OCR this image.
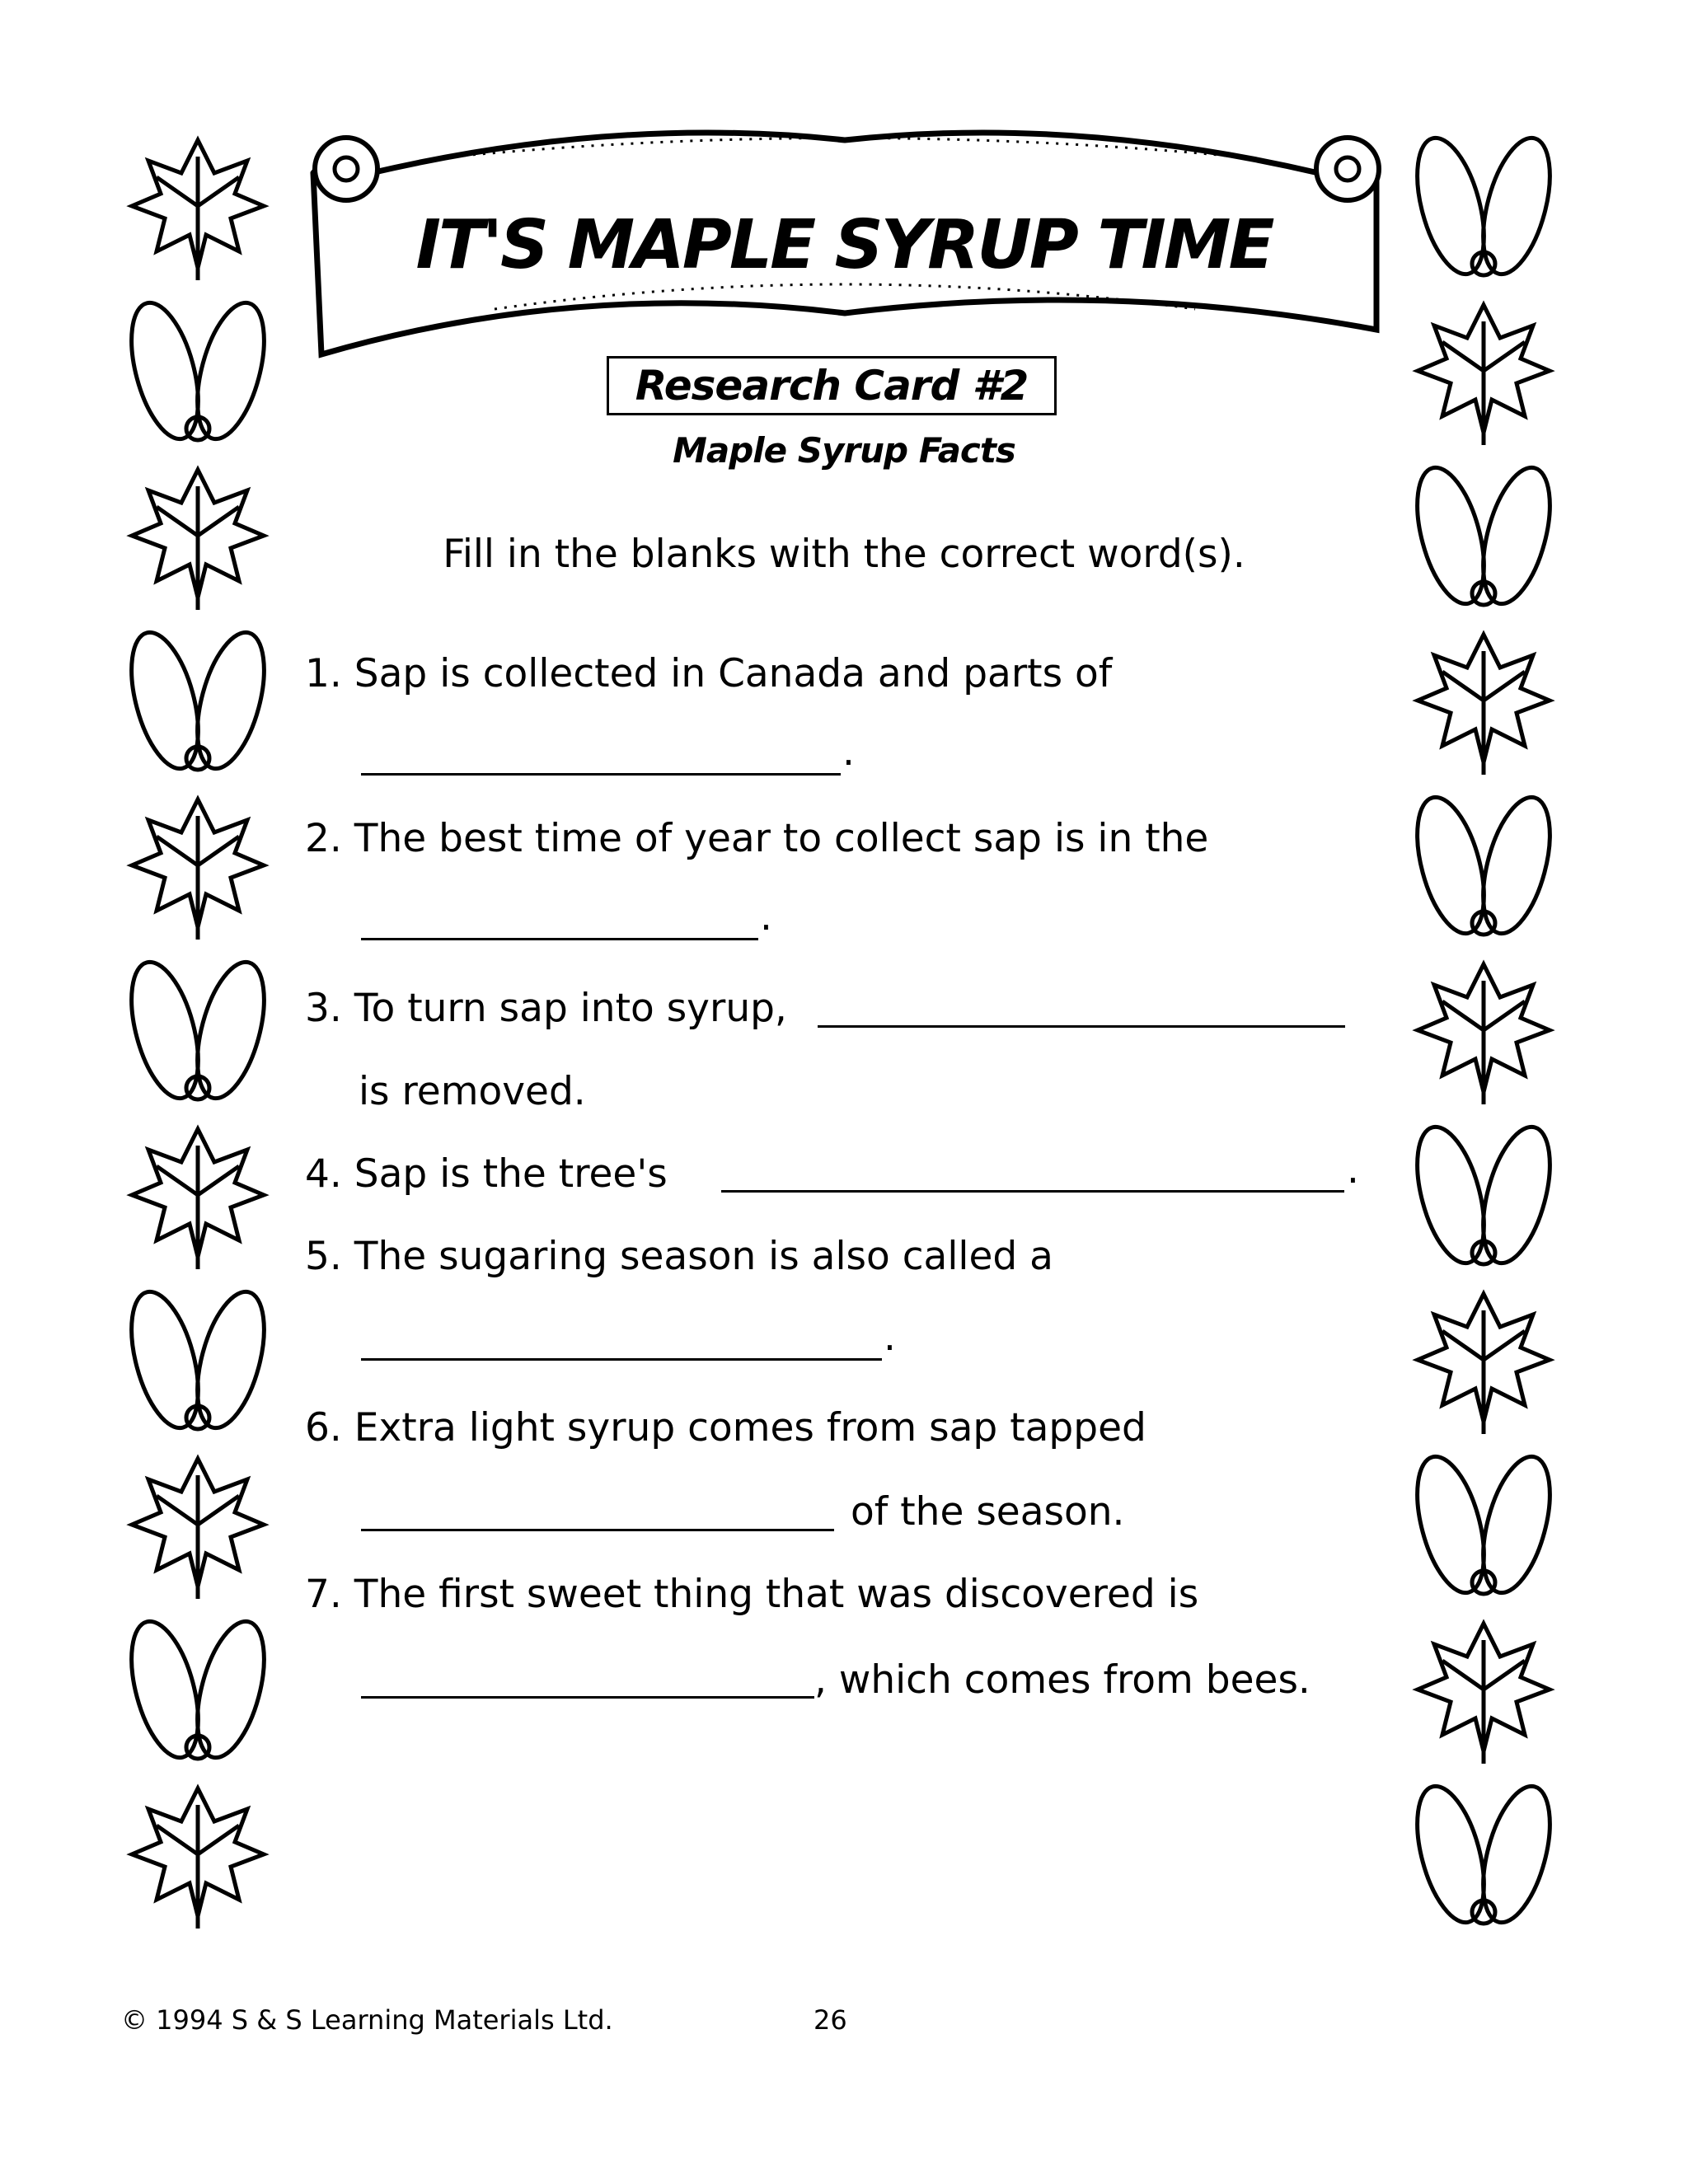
IT'S MAPLE SYRUP TIME
Research Card #2
Maple Syrup Facts
Fill in the blanks with the correct word(s).
1. Sap is collected in Canada and parts of
.
2. The best time of year to collect sap is in the
.
3. To turn sap into syrup,
is removed.
4. Sap is the tree's	.
5. The sugaring season is also called a
.
6. Extra light syrup comes from sap tapped
of the season.
7. The first sweet thing that was discovered is
, which comes from bees.
© 1994 S & S Learning Materials Ltd.	26
